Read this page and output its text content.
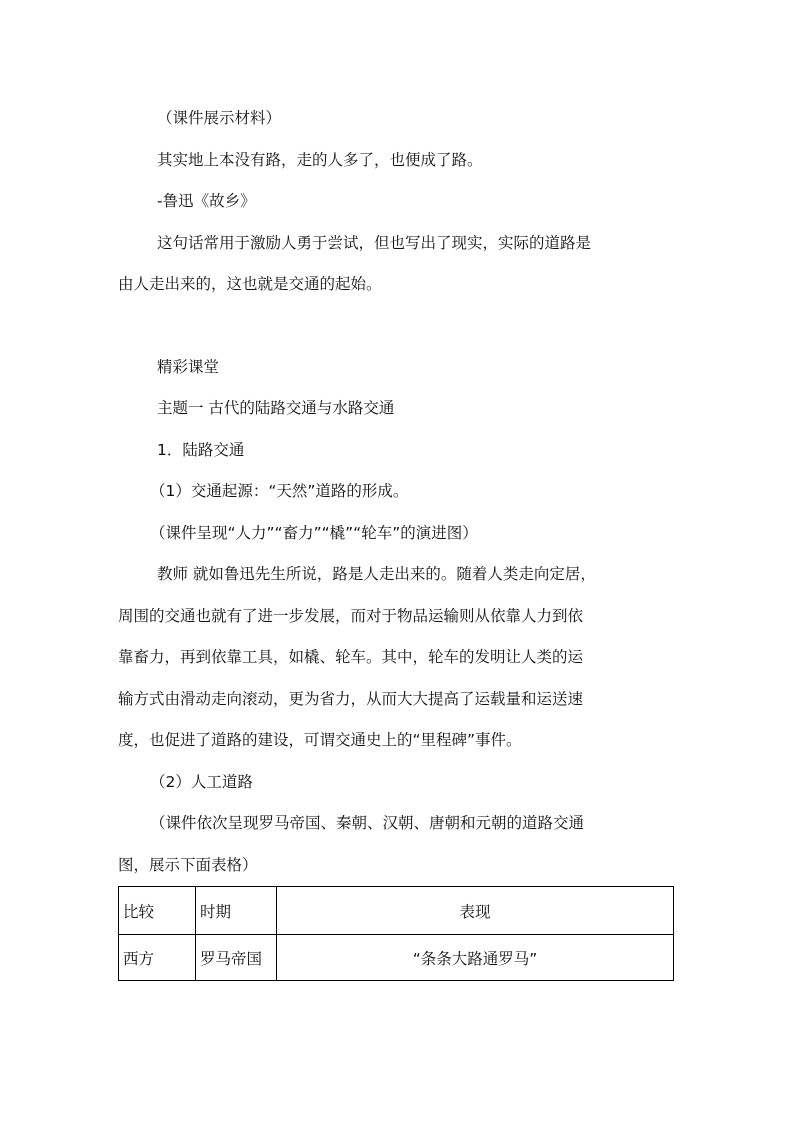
（课件展示材料）
其实地上本没有路，走的人多了，也便成了路。
-鲁迅《故乡》
这句话常用于激励人勇于尝试，但也写出了现实，实际的道路是
由人走出来的，这也就是交通的起始。
精彩课堂
主题一 古代的陆路交通与水路交通
1．陆路交通
（1）交通起源：“天然”道路的形成。
（课件呈现“人力”“畜力”“橇”“轮车”的演进图）
教师 就如鲁迅先生所说，路是人走出来的。随着人类走向定居，
周围的交通也就有了进一步发展，而对于物品运输则从依靠人力到依
靠畜力，再到依靠工具，如橇、轮车。其中，轮车的发明让人类的运
输方式由滑动走向滚动，更为省力，从而大大提高了运载量和运送速
度，也促进了道路的建设，可谓交通史上的“里程碑”事件。
（2）人工道路
（课件依次呈现罗马帝国、秦朝、汉朝、唐朝和元朝的道路交通
图，展示下面表格）
比较	时期	表现
西方	罗马帝国	“条条大路通罗马”
